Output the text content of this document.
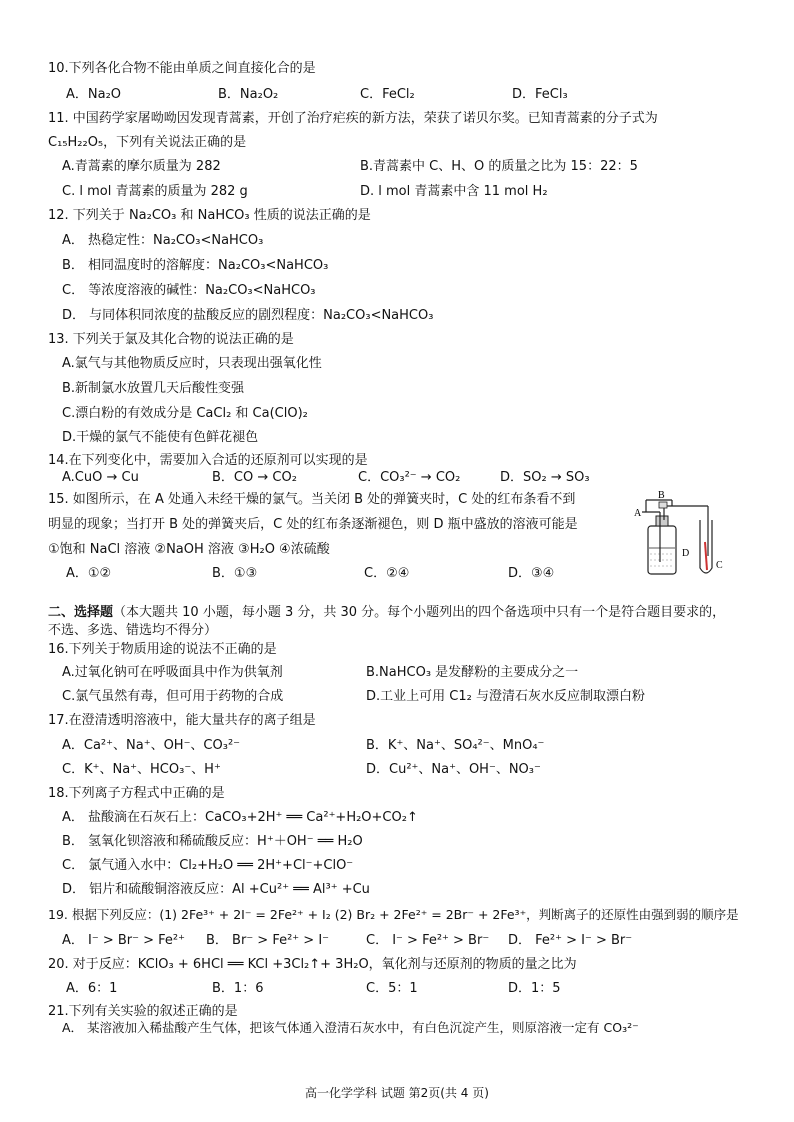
10.下列各化合物不能由单质之间直接化合的是
A．Na₂O	B．Na₂O₂	C．FeCl₂	D．FeCl₃
11. 中国药学家屠呦呦因发现青蒿素，开创了治疗疟疾的新方法，荣获了诺贝尔奖。已知青蒿素的分子式为
C₁₅H₂₂O₅，下列有关说法正确的是
A.青蒿素的摩尔质量为 282	B.青蒿素中 C、H、O 的质量之比为 15：22：5
C. l mol 青蒿素的质量为 282 g	D. l mol 青蒿素中含 11 mol H₂
12. 下列关于 Na₂CO₃ 和 NaHCO₃ 性质的说法正确的是
A． 热稳定性：Na₂CO₃<NaHCO₃
B． 相同温度时的溶解度：Na₂CO₃<NaHCO₃
C． 等浓度溶液的碱性：Na₂CO₃<NaHCO₃
D． 与同体积同浓度的盐酸反应的剧烈程度：Na₂CO₃<NaHCO₃
13. 下列关于氯及其化合物的说法正确的是
A.氯气与其他物质反应时，只表现出强氧化性
B.新制氯水放置几天后酸性变强
C.漂白粉的有效成分是 CaCl₂ 和 Ca(ClO)₂
D.干燥的氯气不能使有色鲜花褪色
14.在下列变化中，需要加入合适的还原剂可以实现的是
A.CuO → Cu	B．CO → CO₂	C．CO₃²⁻ → CO₂	D．SO₂ → SO₃
15. 如图所示，在 A 处通入未经干燥的氯气。当关闭 B 处的弹簧夹时，C 处的红布条看不到
明显的现象；当打开 B 处的弹簧夹后，C 处的红布条逐渐褪色，则 D 瓶中盛放的溶液可能是
①饱和 NaCl 溶液 ②NaOH 溶液 ③H₂O ④浓硫酸
A．①②	B．①③	C．②④	D．③④
A
B
D
C
二、选择题（本大题共 10 小题，每小题 3 分，共 30 分。每个小题列出的四个备选项中只有一个是符合题目要求的，
不选、多选、错选均不得分）
16.下列关于物质用途的说法不正确的是
A.过氧化钠可在呼吸面具中作为供氧剂	B.NaHCO₃ 是发酵粉的主要成分之一
C.氯气虽然有毒，但可用于药物的合成	D.工业上可用 C1₂ 与澄清石灰水反应制取漂白粉
17.在澄清透明溶液中，能大量共存的离子组是
A．Ca²⁺、Na⁺、OH⁻、CO₃²⁻	B．K⁺、Na⁺、SO₄²⁻、MnO₄⁻
C．K⁺、Na⁺、HCO₃⁻、H⁺	D．Cu²⁺、Na⁺、OH⁻、NO₃⁻
18.下列离子方程式中正确的是
A． 盐酸滴在石灰石上：CaCO₃+2H⁺ ══ Ca²⁺+H₂O+CO₂↑
B． 氢氧化钡溶液和稀硫酸反应：H⁺＋OH⁻ ══ H₂O
C． 氯气通入水中：Cl₂+H₂O ══ 2H⁺+Cl⁻+ClO⁻
D． 铝片和硫酸铜溶液反应：Al +Cu²⁺ ══ Al³⁺ +Cu
19. 根据下列反应：(1) 2Fe³⁺ + 2I⁻ = 2Fe²⁺ + I₂ (2) Br₂ + 2Fe²⁺ = 2Br⁻ + 2Fe³⁺，判断离子的还原性由强到弱的顺序是
A． I⁻ > Br⁻ > Fe²⁺ B． Br⁻ > Fe²⁺ > I⁻	C． I⁻ > Fe²⁺ > Br⁻ D． Fe²⁺ > I⁻ > Br⁻
20. 对于反应：KClO₃ + 6HCl ══ KCl +3Cl₂↑+ 3H₂O，氧化剂与还原剂的物质的量之比为
A．6：1	B．1：6	C．5：1	D．1：5
21.下列有关实验的叙述正确的是
A． 某溶液加入稀盐酸产生气体，把该气体通入澄清石灰水中，有白色沉淀产生，则原溶液一定有 CO₃²⁻
高一化学学科 试题 第2页(共 4 页)
